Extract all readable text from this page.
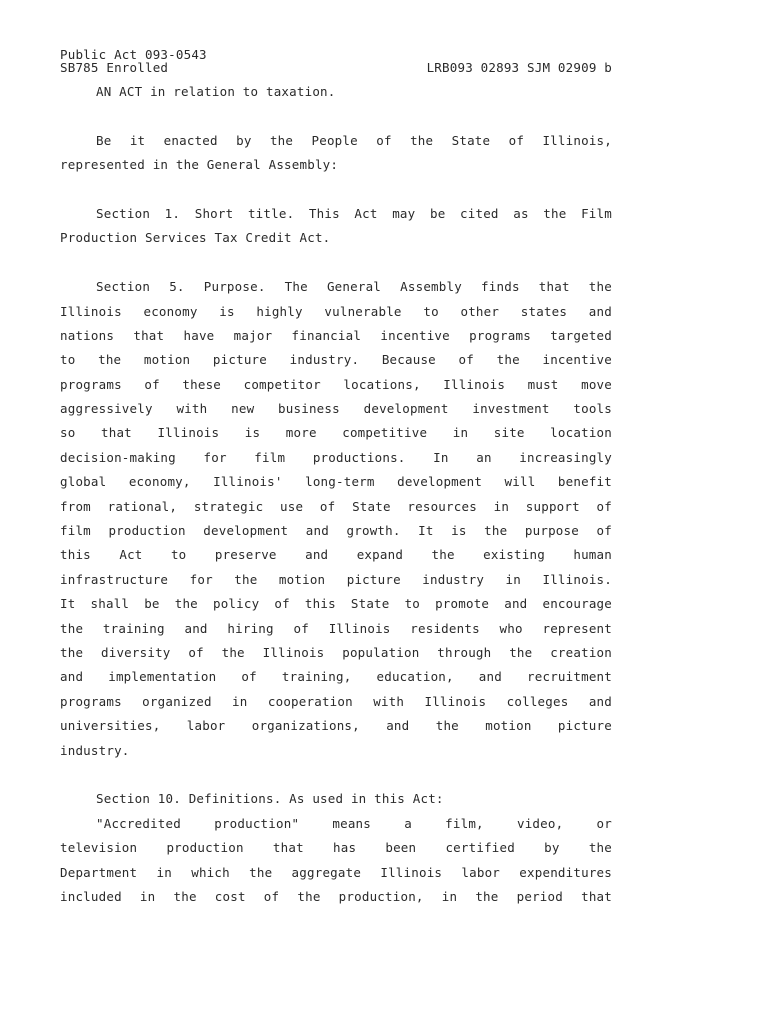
Public Act 093-0543
SB785 Enrolled	LRB093 02893 SJM 02909 b
AN ACT in relation to taxation.
Be it enacted by the People of the State of Illinois,
represented in the General Assembly:
Section 1. Short title. This Act may be cited as the Film
Production Services Tax Credit Act.
Section 5. Purpose. The General Assembly finds that the
Illinois economy is highly vulnerable to other states and
nations that have major financial incentive programs targeted
to the motion picture industry. Because of the incentive
programs of these competitor locations, Illinois must move
aggressively with new business development investment tools
so that Illinois is more competitive in site location
decision-making for film productions. In an increasingly
global economy, Illinois' long-term development will benefit
from rational, strategic use of State resources in support of
film production development and growth. It is the purpose of
this Act to preserve and expand the existing human
infrastructure for the motion picture industry in Illinois.
It shall be the policy of this State to promote and encourage
the training and hiring of Illinois residents who represent
the diversity of the Illinois population through the creation
and implementation of training, education, and recruitment
programs organized in cooperation with Illinois colleges and
universities, labor organizations, and the motion picture
industry.
Section 10. Definitions. As used in this Act:
"Accredited production" means a film, video, or
television production that has been certified by the
Department in which the aggregate Illinois labor expenditures
included in the cost of the production, in the period that
